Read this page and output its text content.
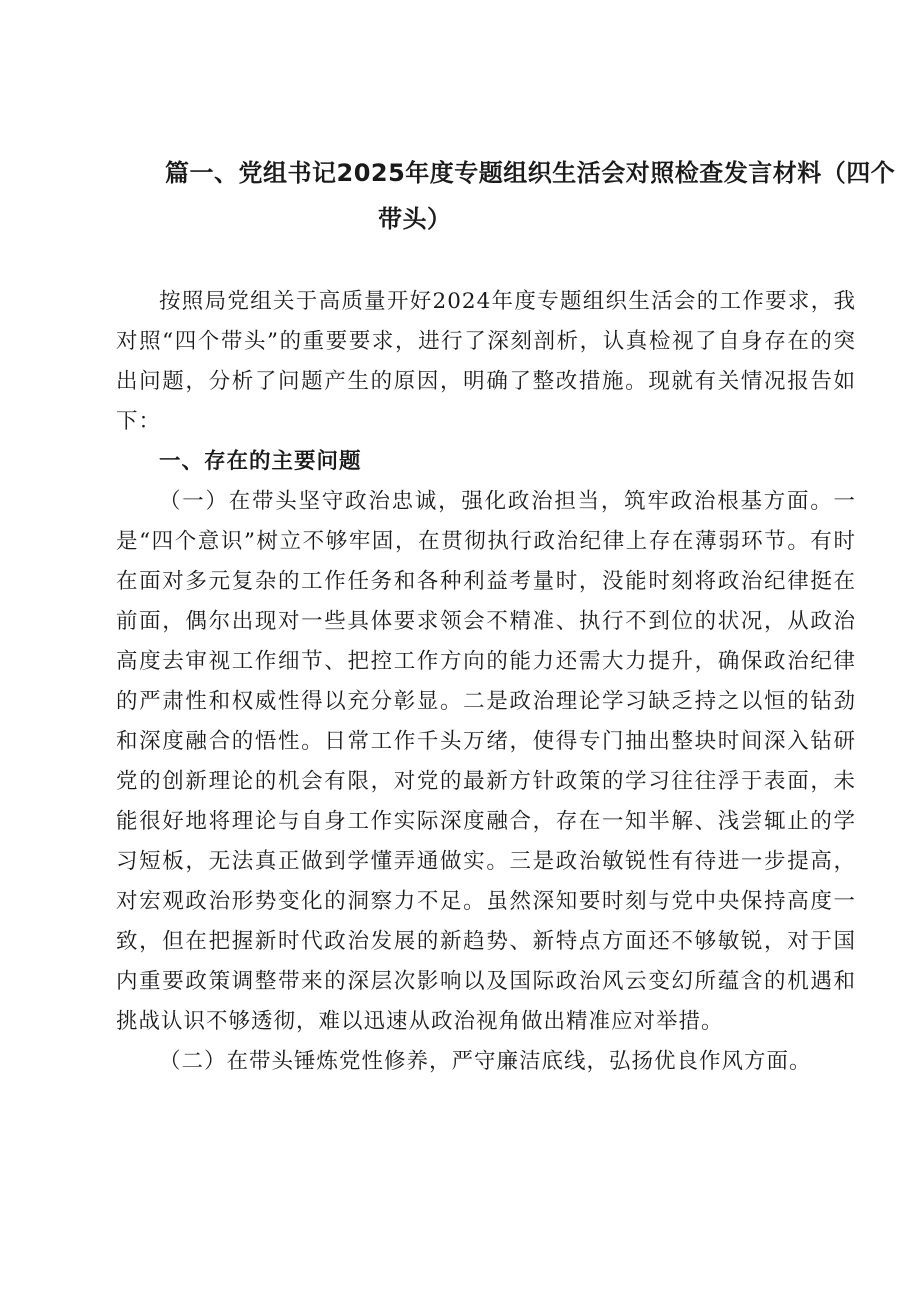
篇一、党组书记2025年度专题组织生活会对照检查发言材料（四个
带头）

按照局党组关于高质量开好2024年度专题组织生活会的工作要求，我对照“四个带头”的重要要求，进行了深刻剖析，认真检视了自身存在的突出问题，分析了问题产生的原因，明确了整改措施。现就有关情况报告如下：

一、存在的主要问题

（一）在带头坚守政治忠诚，强化政治担当，筑牢政治根基方面。一是“四个意识”树立不够牢固，在贯彻执行政治纪律上存在薄弱环节。有时在面对多元复杂的工作任务和各种利益考量时，没能时刻将政治纪律挺在前面，偶尔出现对一些具体要求领会不精准、执行不到位的状况，从政治高度去审视工作细节、把控工作方向的能力还需大力提升，确保政治纪律的严肃性和权威性得以充分彰显。二是政治理论学习缺乏持之以恒的钻劲和深度融合的悟性。日常工作千头万绪，使得专门抽出整块时间深入钻研党的创新理论的机会有限，对党的最新方针政策的学习往往浮于表面，未能很好地将理论与自身工作实际深度融合，存在一知半解、浅尝辄止的学习短板，无法真正做到学懂弄通做实。三是政治敏锐性有待进一步提高，对宏观政治形势变化的洞察力不足。虽然深知要时刻与党中央保持高度一致，但在把握新时代政治发展的新趋势、新特点方面还不够敏锐，对于国内重要政策调整带来的深层次影响以及国际政治风云变幻所蕴含的机遇和挑战认识不够透彻，难以迅速从政治视角做出精准应对举措。

（二）在带头锤炼党性修养，严守廉洁底线，弘扬优良作风方面。
